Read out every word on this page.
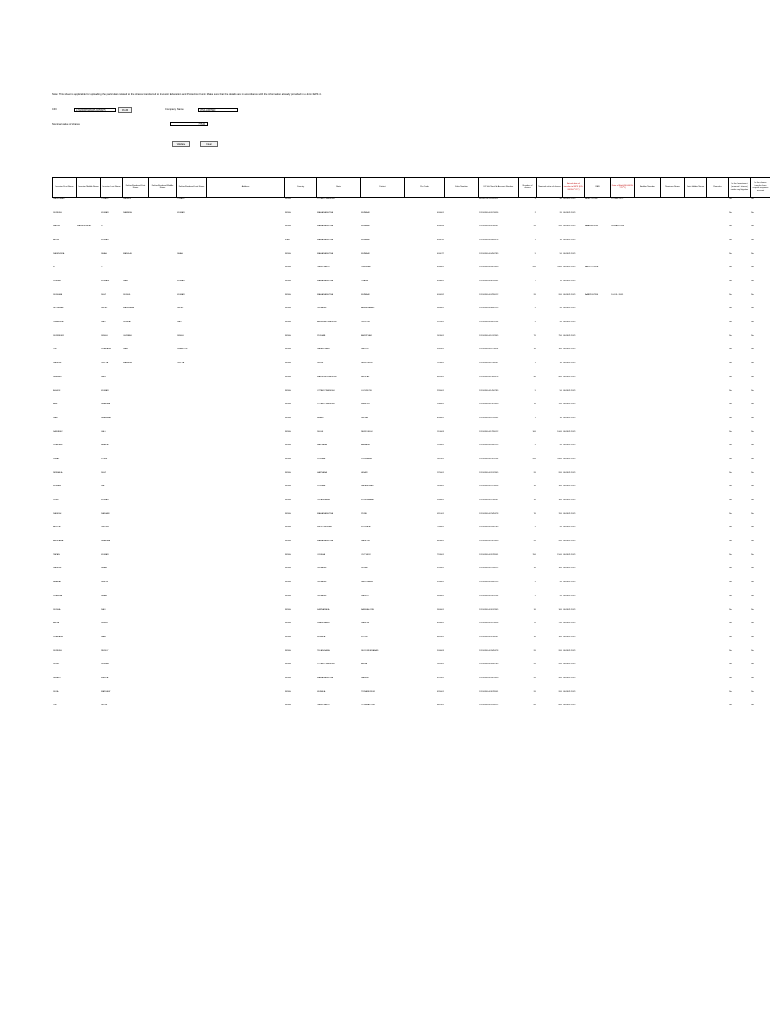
Note: This sheet is applicable for uploading the particulars related to the shares transferred to Investor Education and Protection Fund. Make sure that the details are in accordance with the information already provided in e-form IEPF-4.
CIN	L72200MH1991PLC059975	Prefill	Company Name	VISA LIMITED
Nominal value of shares	77515
Validate	Clear
Investor First Name	Investor Middle Name	Investor Last Name	Father/Husband First Name	Father/Husband Middle Name	Father/Husband Last Name	Address	Country	State	District	Pin Code	Folio Number	DP Id-Client Id-Account Number	Number of shares	Nominal value of shares	Actual date of transfer to IEPF (DD-MON-YYYY)	PAN	Date of Birth(DD-MON-YYYY)	Aadhar Number	Nominee Name	Joint Holder Name	Remarks	Is the Investment (amount / shares) under any litigation	Is the shares transfer from unpaid suspense account
RAJKUMAR		TIWARI	RAJEEV		TIWARI		INDIA	UTTAR PRADESH				IN300214-12054321	4	40	08-SEP-2021	AEBPT1234C	12-JAN-1972					No	No
SURESH		KUMAR	RAMESH		KUMAR		INDIA	MAHARASHTRA	MUMBAI	400001		12010900-00123456	2	20	08-SEP-2021							No	No
HALLA	MANSUKHLAL	D					INDIA	MAHARASHTRA	MUMBAI	400058		12010900-00234567	20	200	08-SEP-2021	AAAPH4563K	03-MAR-1968					No	No
ARUN		KUMAR					India	MAHARASHTRA	MUMBAI	400070		12010900-00345678	1	10	08-SEP-2021							No	No
RAJENDRA		SHAH	MANILAL		SHAH		INDIA	MAHARASHTRA	MUMBAI	400077		12010900-00456789	5	50	08-SEP-2021							No	No
B		C					INDIA	TAMIL NADU	CHENNAI	600001		12010900-00567890	200	2000	08-SEP-2021	AACPC2345B						No	No
PREMA		KUMARI	RAM		KUMAR		INDIA	MAHARASHTRA	THANE	400601		12010900-00678901	7	70	08-SEP-2021							No	No
SUSHMA		DEVI	SUSHIL		KUMAR		INDIA	MAHARASHTRA	MUMBAI	400092		12010900-00789012	20	200	08-SEP-2021	AABPD6789E	14-JUL-1965					No	No
NITINBHAI		PATEL	MANUBHAI		PATEL		INDIA	GUJARAT	AHMEDABAD	380001		12010900-00890123	5	50	08-SEP-2021							No	No
CHANDRA		RAO	VENKAT		RAO		INDIA	ANDHRA PRADESH	GUNTUR	522001		12010900-00901234	5	50	08-SEP-2021							No	No
SURINDER		SINGH	GURBAX		SINGH		INDIA	PUNJAB	AMRITSAR	143001		12010900-01012345	75	750	08-SEP-2021							No	No
OM		PRAKASH	RAM		SWAROOP		INDIA	RAJASTHAN	JAIPUR	302001		12010900-01123456	10	100	08-SEP-2021							No	No
RAJESH		GUPTA	MAHESH		GUPTA		INDIA	DELHI	NEW DELHI	110001		12010900-01234567	1	10	08-SEP-2021							No	No
SHEFALI		JAIN					INDIA	MADHYA PRADESH	BHOPAL	462001		12010900-01345678	40	400	08-SEP-2021							No	No
ASHOK		KUMAR					INDIA	UTTAR PRADESH	LUCKNOW	226001		12010900-01456789	5	50	08-SEP-2021							No	No
ANIL		SHARMA					INDIA	UTTAR PRADESH	KANPUR	208001		12010900-01567890	70	700	08-SEP-2021							No	No
RAVI		SHANKAR					INDIA	BIHAR	PATNA	800001		12010900-01678901	1	10	08-SEP-2021							No	No
SANJEEV		LALL					INDIA	DELHI	NEW DELHI	110003		12010900-01789012	100	1000	08-SEP-2021							No	No
PRADEEP		BHATIA					INDIA	HARYANA	AMBALA	133001		12010900-01890123	5	50	08-SEP-2021							No	No
VIMAL		JOSHI					INDIA	PUNJAB	LUDHIANA	141001		12010900-01901234	200	2000	08-SEP-2021							No	No
NIRMALA		DEVI					INDIA	HARYANA	HISAR	125001		12010900-02012345	20	200	08-SEP-2021							No	No
MOHAN		LAL					INDIA	PUNJAB	JALANDHAR	144001		12010900-02123456	10	100	08-SEP-2021							No	No
VIJAY		KUMAR					INDIA	TELANGANA	HYDERABAD	500001		12010900-02234567	10	100	08-SEP-2021							No	No
RAJESH		RANJAN					INDIA	MAHARASHTRA	PUNE	411001		12010900-02345678	70	700	08-SEP-2021							No	No
ARPITA		GHOSH					INDIA	WEST BENGAL	KOLKATA	700001		12010900-02456789	5	50	08-SEP-2021							No	No
ANUPAMA		SHARMA					INDIA	MAHARASHTRA	NAGPUR	440001		12010900-02567890	20	200	08-SEP-2021							No	No
TAPAN		KUMAR					INDIA	ODISHA	CUTTACK	753001		12010900-02678901	150	1500	08-SEP-2021							No	No
RAJESH		SHAH					INDIA	GUJARAT	SURAT	395001		12010900-02789012	10	100	08-SEP-2021							No	No
BHARAT		SHETH					INDIA	GUJARAT	VADODARA	390001		12010900-02890123	5	50	08-SEP-2021							No	No
PRAVINA		SHAH					INDIA	GUJARAT	RAJKOT	360001		12010900-02901234	2	20	08-SEP-2021							No	No
SUDHA		RAO					INDIA	KARNATAKA	BANGALORE	560001		12010900-03012345	10	100	08-SEP-2021							No	No
ANITA		SINGH					INDIA	JHARKHAND	RANCHI	834001		12010900-03123456	75	750	08-SEP-2021							No	No
PRAKASH		NAIR					INDIA	KERALA	KOCHI	682001		12010900-03234567	10	100	08-SEP-2021							No	No
SURESH		REDDY					INDIA	TELANGANA	SECUNDERABAD	500003		12010900-03345678	20	200	08-SEP-2021							No	No
SUNIL		VERMA					INDIA	UTTAR PRADESH	AGRA	282001		12010900-03456789	20	200	08-SEP-2021							No	No
JAYANT		MEHTA					INDIA	MAHARASHTRA	NASHIK	422001		12010900-03567890	50	500	08-SEP-2021							No	No
SUJA		MATHEW					INDIA	KERALA	TRIVANDRUM	695001		12010900-03678901	20	200	08-SEP-2021							No	No
OM		SETHI					INDIA	TAMIL NADU	COIMBATORE	641001		12010900-03789012	60	600	08-SEP-2021							No	No
